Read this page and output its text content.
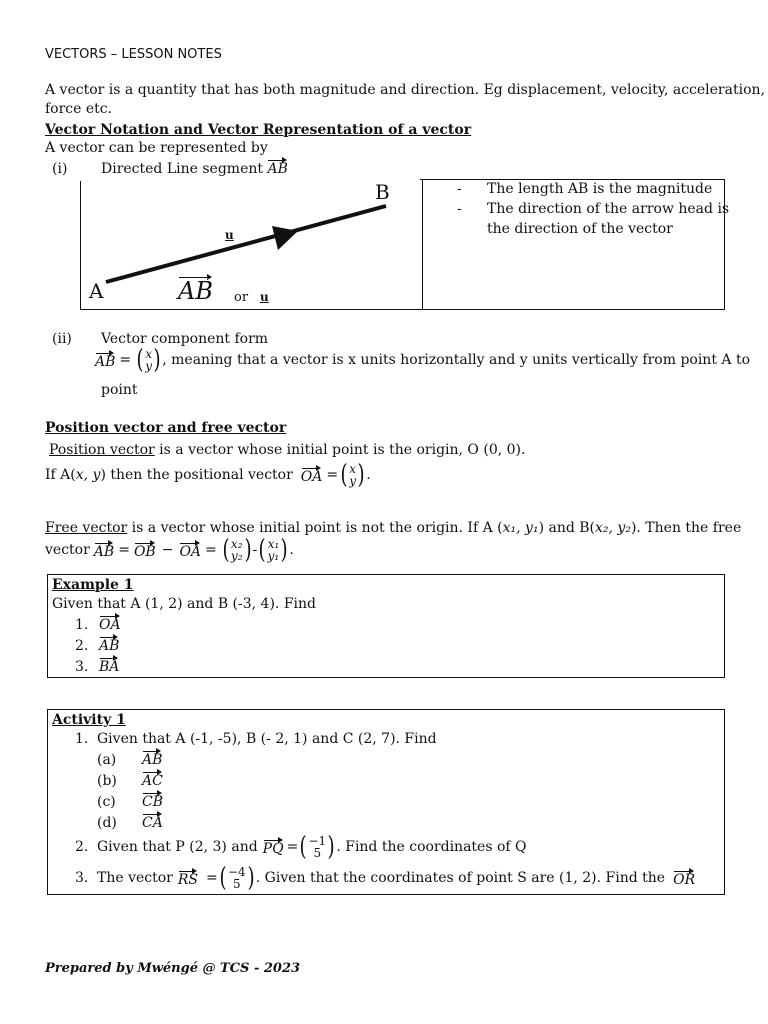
VECTORS – LESSON NOTES
A vector is a quantity that has both magnitude and direction. Eg displacement, velocity, acceleration,
force etc.
Vector Notation and Vector Representation of a vector
A vector can be represented by
(i) Directed Line segment AB
A
B
u
AB or u
- The length AB is the magnitude
- The direction of the arrow head is
the direction of the vector
(ii) Vector component form
AB = ( x
y ) , meaning that a vector is x units horizontally and y units vertically from point A to
point
Position vector and free vector
Position vector is a vector whose initial point is the origin, O (0, 0).
If A( x, y ) then the positional vector OA = ( x
y ) .
Free vector is a vector whose initial point is not the origin. If A (x₁, y₁) and B(x₂, y₂). Then the free
vector AB = OB − OA = ( x₂
y₂ ) - ( x₁
y₁ ) .
Example 1
Given that A (1, 2) and B (-3, 4). Find
1. OA
2. AB
3. BA
Activity 1
1. Given that A (-1, -5), B (- 2, 1) and C (2, 7). Find
(a) AB
(b) AC
(c) CB
(d) CA
2. Given that P (2, 3) and PQ = ( −1
5 ) . Find the coordinates of Q
3. The vector RS = ( −4
5 ) . Given that the coordinates of point S are (1, 2). Find the OR
Prepared by Mwéngé @ TCS - 2023
